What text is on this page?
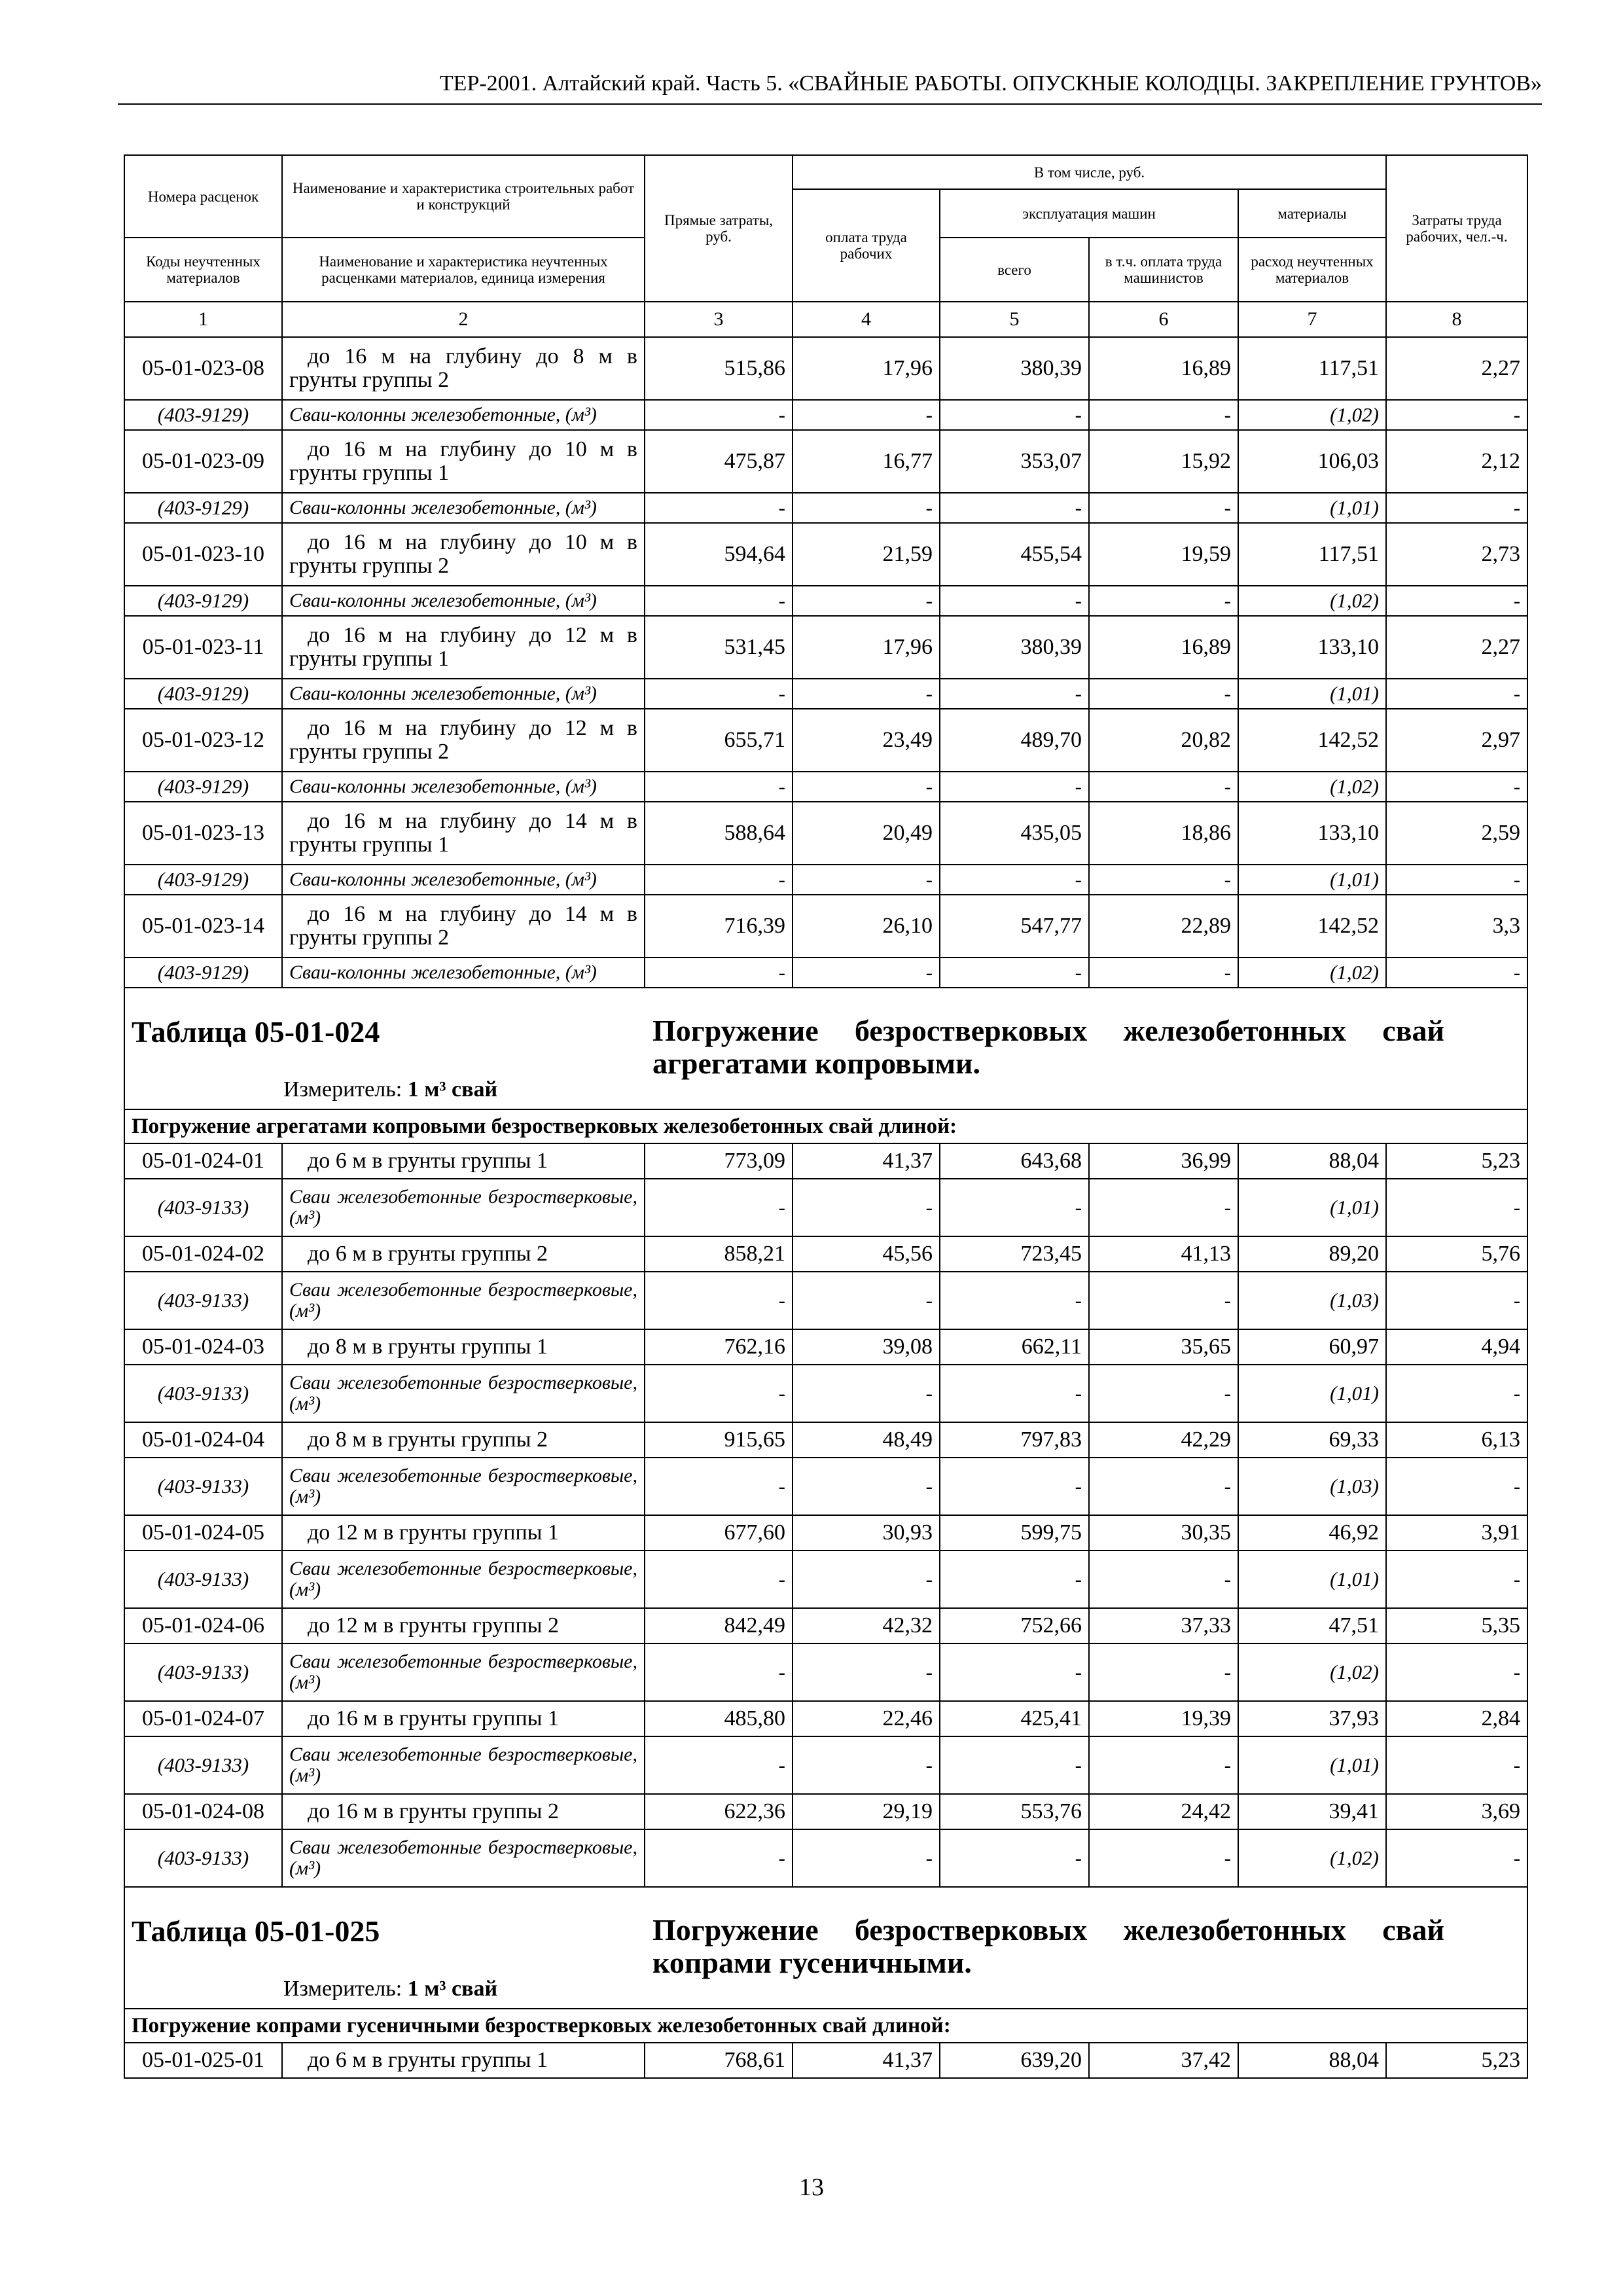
ТЕР-2001. Алтайский край. Часть 5. «СВАЙНЫЕ РАБОТЫ. ОПУСКНЫЕ КОЛОДЦЫ. ЗАКРЕПЛЕНИЕ ГРУНТОВ»
Номера расценок	Наименование и характеристика строительных работ и конструкций	Прямые затраты, руб.	В том числе, руб.				Затраты труда рабочих, чел.-ч.
			оплата труда рабочих	эксплуатация машин		материалы	
Коды неучтенных материалов	Наименование и характеристика неучтенных расценками материалов, единица измерения			всего	в т.ч. оплата труда машинистов	расход неучтенных материалов	
1	2	3	4	5	6	7	8
05-01-023-08	до 16 м на глубину до 8 м в грунты группы 2	515,86	17,96	380,39	16,89	117,51	2,27
(403-9129)	Сваи-колонны железобетонные, (м³)	-	-	-	-	(1,02)	-
05-01-023-09	до 16 м на глубину до 10 м в грунты группы 1	475,87	16,77	353,07	15,92	106,03	2,12
(403-9129)	Сваи-колонны железобетонные, (м³)	-	-	-	-	(1,01)	-
05-01-023-10	до 16 м на глубину до 10 м в грунты группы 2	594,64	21,59	455,54	19,59	117,51	2,73
(403-9129)	Сваи-колонны железобетонные, (м³)	-	-	-	-	(1,02)	-
05-01-023-11	до 16 м на глубину до 12 м в грунты группы 1	531,45	17,96	380,39	16,89	133,10	2,27
(403-9129)	Сваи-колонны железобетонные, (м³)	-	-	-	-	(1,01)	-
05-01-023-12	до 16 м на глубину до 12 м в грунты группы 2	655,71	23,49	489,70	20,82	142,52	2,97
(403-9129)	Сваи-колонны железобетонные, (м³)	-	-	-	-	(1,02)	-
05-01-023-13	до 16 м на глубину до 14 м в грунты группы 1	588,64	20,49	435,05	18,86	133,10	2,59
(403-9129)	Сваи-колонны железобетонные, (м³)	-	-	-	-	(1,01)	-
05-01-023-14	до 16 м на глубину до 14 м в грунты группы 2	716,39	26,10	547,77	22,89	142,52	3,3
(403-9129)	Сваи-колонны железобетонные, (м³)	-	-	-	-	(1,02)	-

Таблица 05-01-024 Погружение безростверковых железобетонных свай агрегатами копровыми.
Измеритель: 1 м³ свай							

Погружение агрегатами копровыми безростверковых железобетонных свай длиной:							
05-01-024-01	до 6 м в грунты группы 1	773,09	41,37	643,68	36,99	88,04	5,23
(403-9133)	Сваи железобетонные безростверковые, (м³)	-	-	-	-	(1,01)	-
05-01-024-02	до 6 м в грунты группы 2	858,21	45,56	723,45	41,13	89,20	5,76
(403-9133)	Сваи железобетонные безростверковые, (м³)	-	-	-	-	(1,03)	-
05-01-024-03	до 8 м в грунты группы 1	762,16	39,08	662,11	35,65	60,97	4,94
(403-9133)	Сваи железобетонные безростверковые, (м³)	-	-	-	-	(1,01)	-
05-01-024-04	до 8 м в грунты группы 2	915,65	48,49	797,83	42,29	69,33	6,13
(403-9133)	Сваи железобетонные безростверковые, (м³)	-	-	-	-	(1,03)	-
05-01-024-05	до 12 м в грунты группы 1	677,60	30,93	599,75	30,35	46,92	3,91
(403-9133)	Сваи железобетонные безростверковые, (м³)	-	-	-	-	(1,01)	-
05-01-024-06	до 12 м в грунты группы 2	842,49	42,32	752,66	37,33	47,51	5,35
(403-9133)	Сваи железобетонные безростверковые, (м³)	-	-	-	-	(1,02)	-
05-01-024-07	до 16 м в грунты группы 1	485,80	22,46	425,41	19,39	37,93	2,84
(403-9133)	Сваи железобетонные безростверковые, (м³)	-	-	-	-	(1,01)	-
05-01-024-08	до 16 м в грунты группы 2	622,36	29,19	553,76	24,42	39,41	3,69
(403-9133)	Сваи железобетонные безростверковые, (м³)	-	-	-	-	(1,02)	-

Таблица 05-01-025 Погружение безростверковых железобетонных свай копрами гусеничными.
Измеритель: 1 м³ свай							

Погружение копрами гусеничными безростверковых железобетонных свай длиной:							
05-01-025-01	до 6 м в грунты группы 1	768,61	41,37	639,20	37,42	88,04	5,23
13
